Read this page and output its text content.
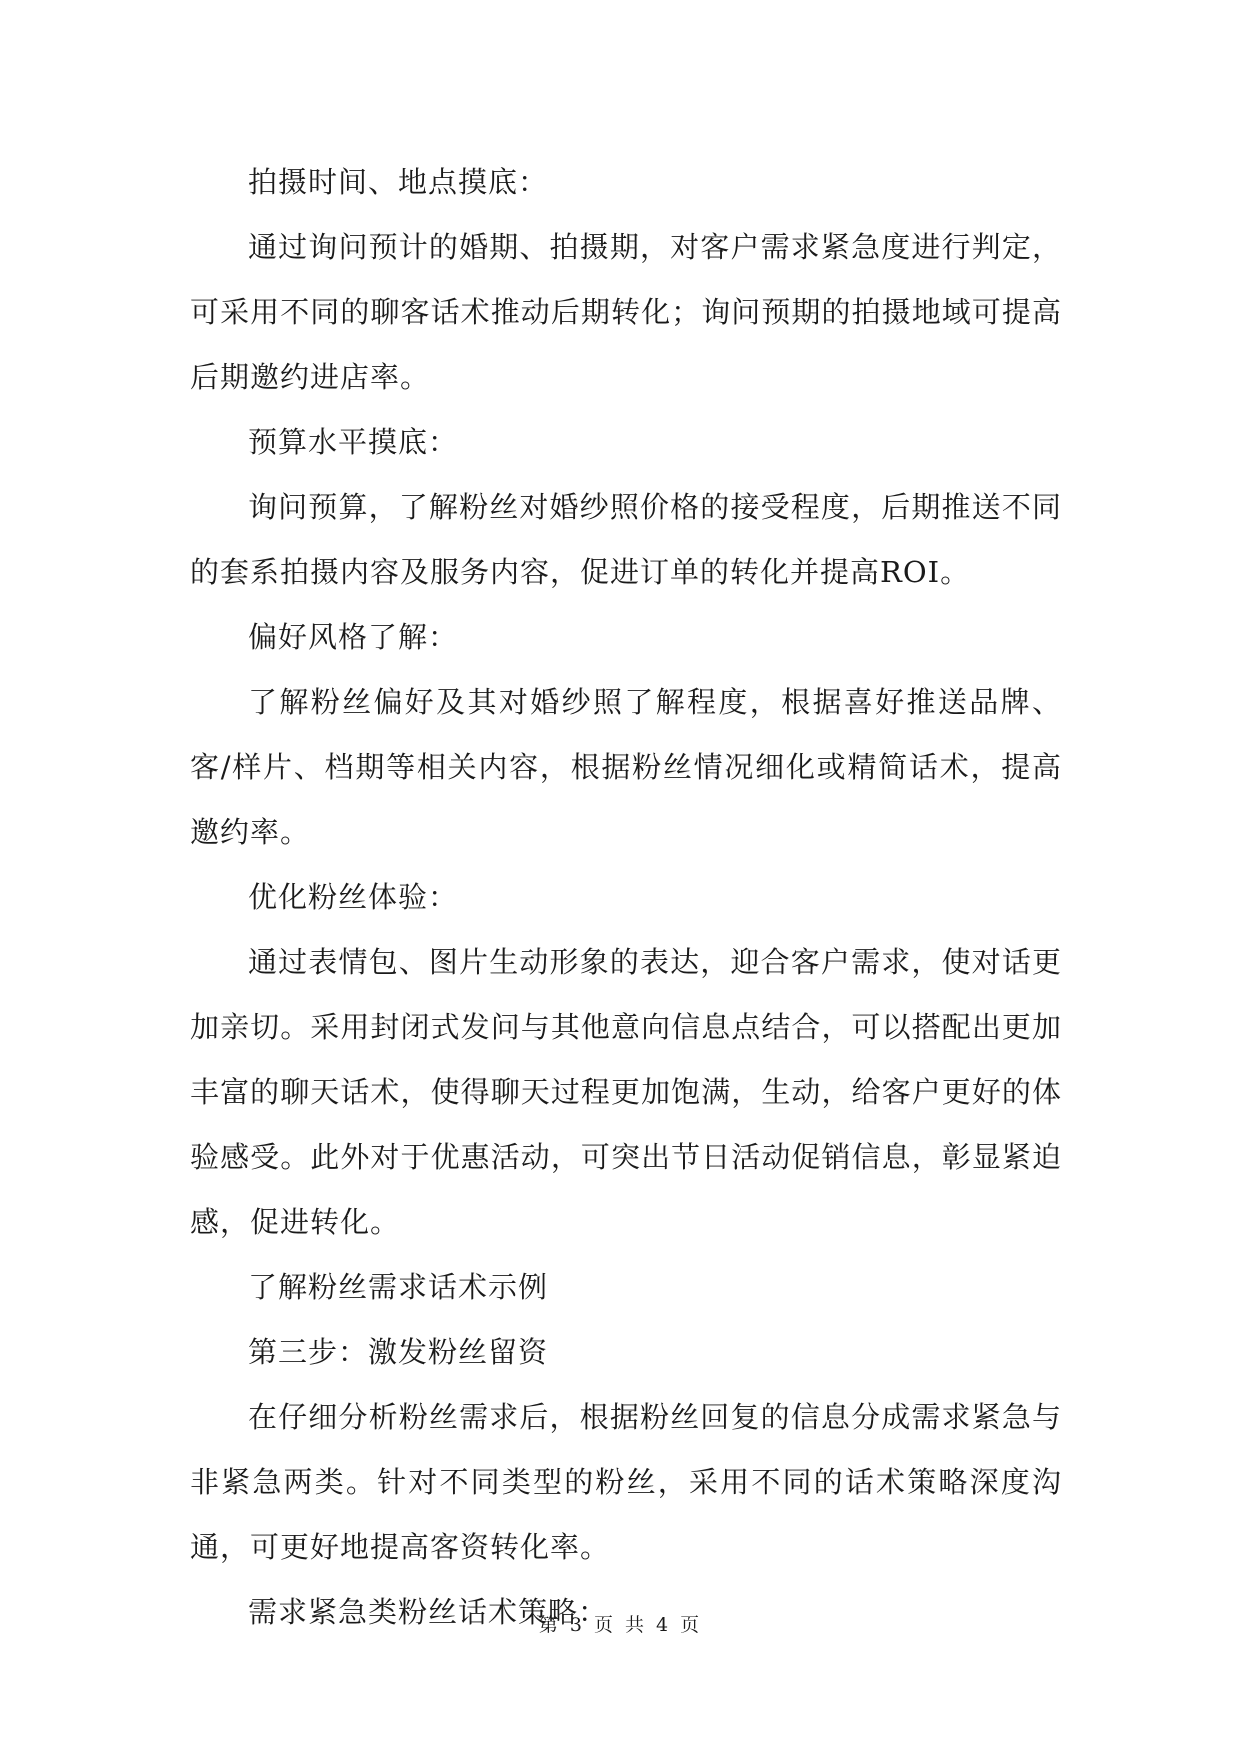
拍摄时间、地点摸底：

通过询问预计的婚期、拍摄期，对客户需求紧急度进行判定，可采用不同的聊客话术推动后期转化；询问预期的拍摄地域可提高后期邀约进店率。

预算水平摸底：

询问预算，了解粉丝对婚纱照价格的接受程度，后期推送不同的套系拍摄内容及服务内容，促进订单的转化并提高ROI。

偏好风格了解：

了解粉丝偏好及其对婚纱照了解程度，根据喜好推送品牌、客/样片、档期等相关内容，根据粉丝情况细化或精简话术，提高邀约率。

优化粉丝体验：

通过表情包、图片生动形象的表达，迎合客户需求，使对话更加亲切。采用封闭式发问与其他意向信息点结合，可以搭配出更加丰富的聊天话术，使得聊天过程更加饱满，生动，给客户更好的体验感受。此外对于优惠活动，可突出节日活动促销信息，彰显紧迫感，促进转化。

了解粉丝需求话术示例

第三步：激发粉丝留资

在仔细分析粉丝需求后，根据粉丝回复的信息分成需求紧急与非紧急两类。针对不同类型的粉丝，采用不同的话术策略深度沟通，可更好地提高客资转化率。

需求紧急类粉丝话术策略：

第 3 页 共 4 页
